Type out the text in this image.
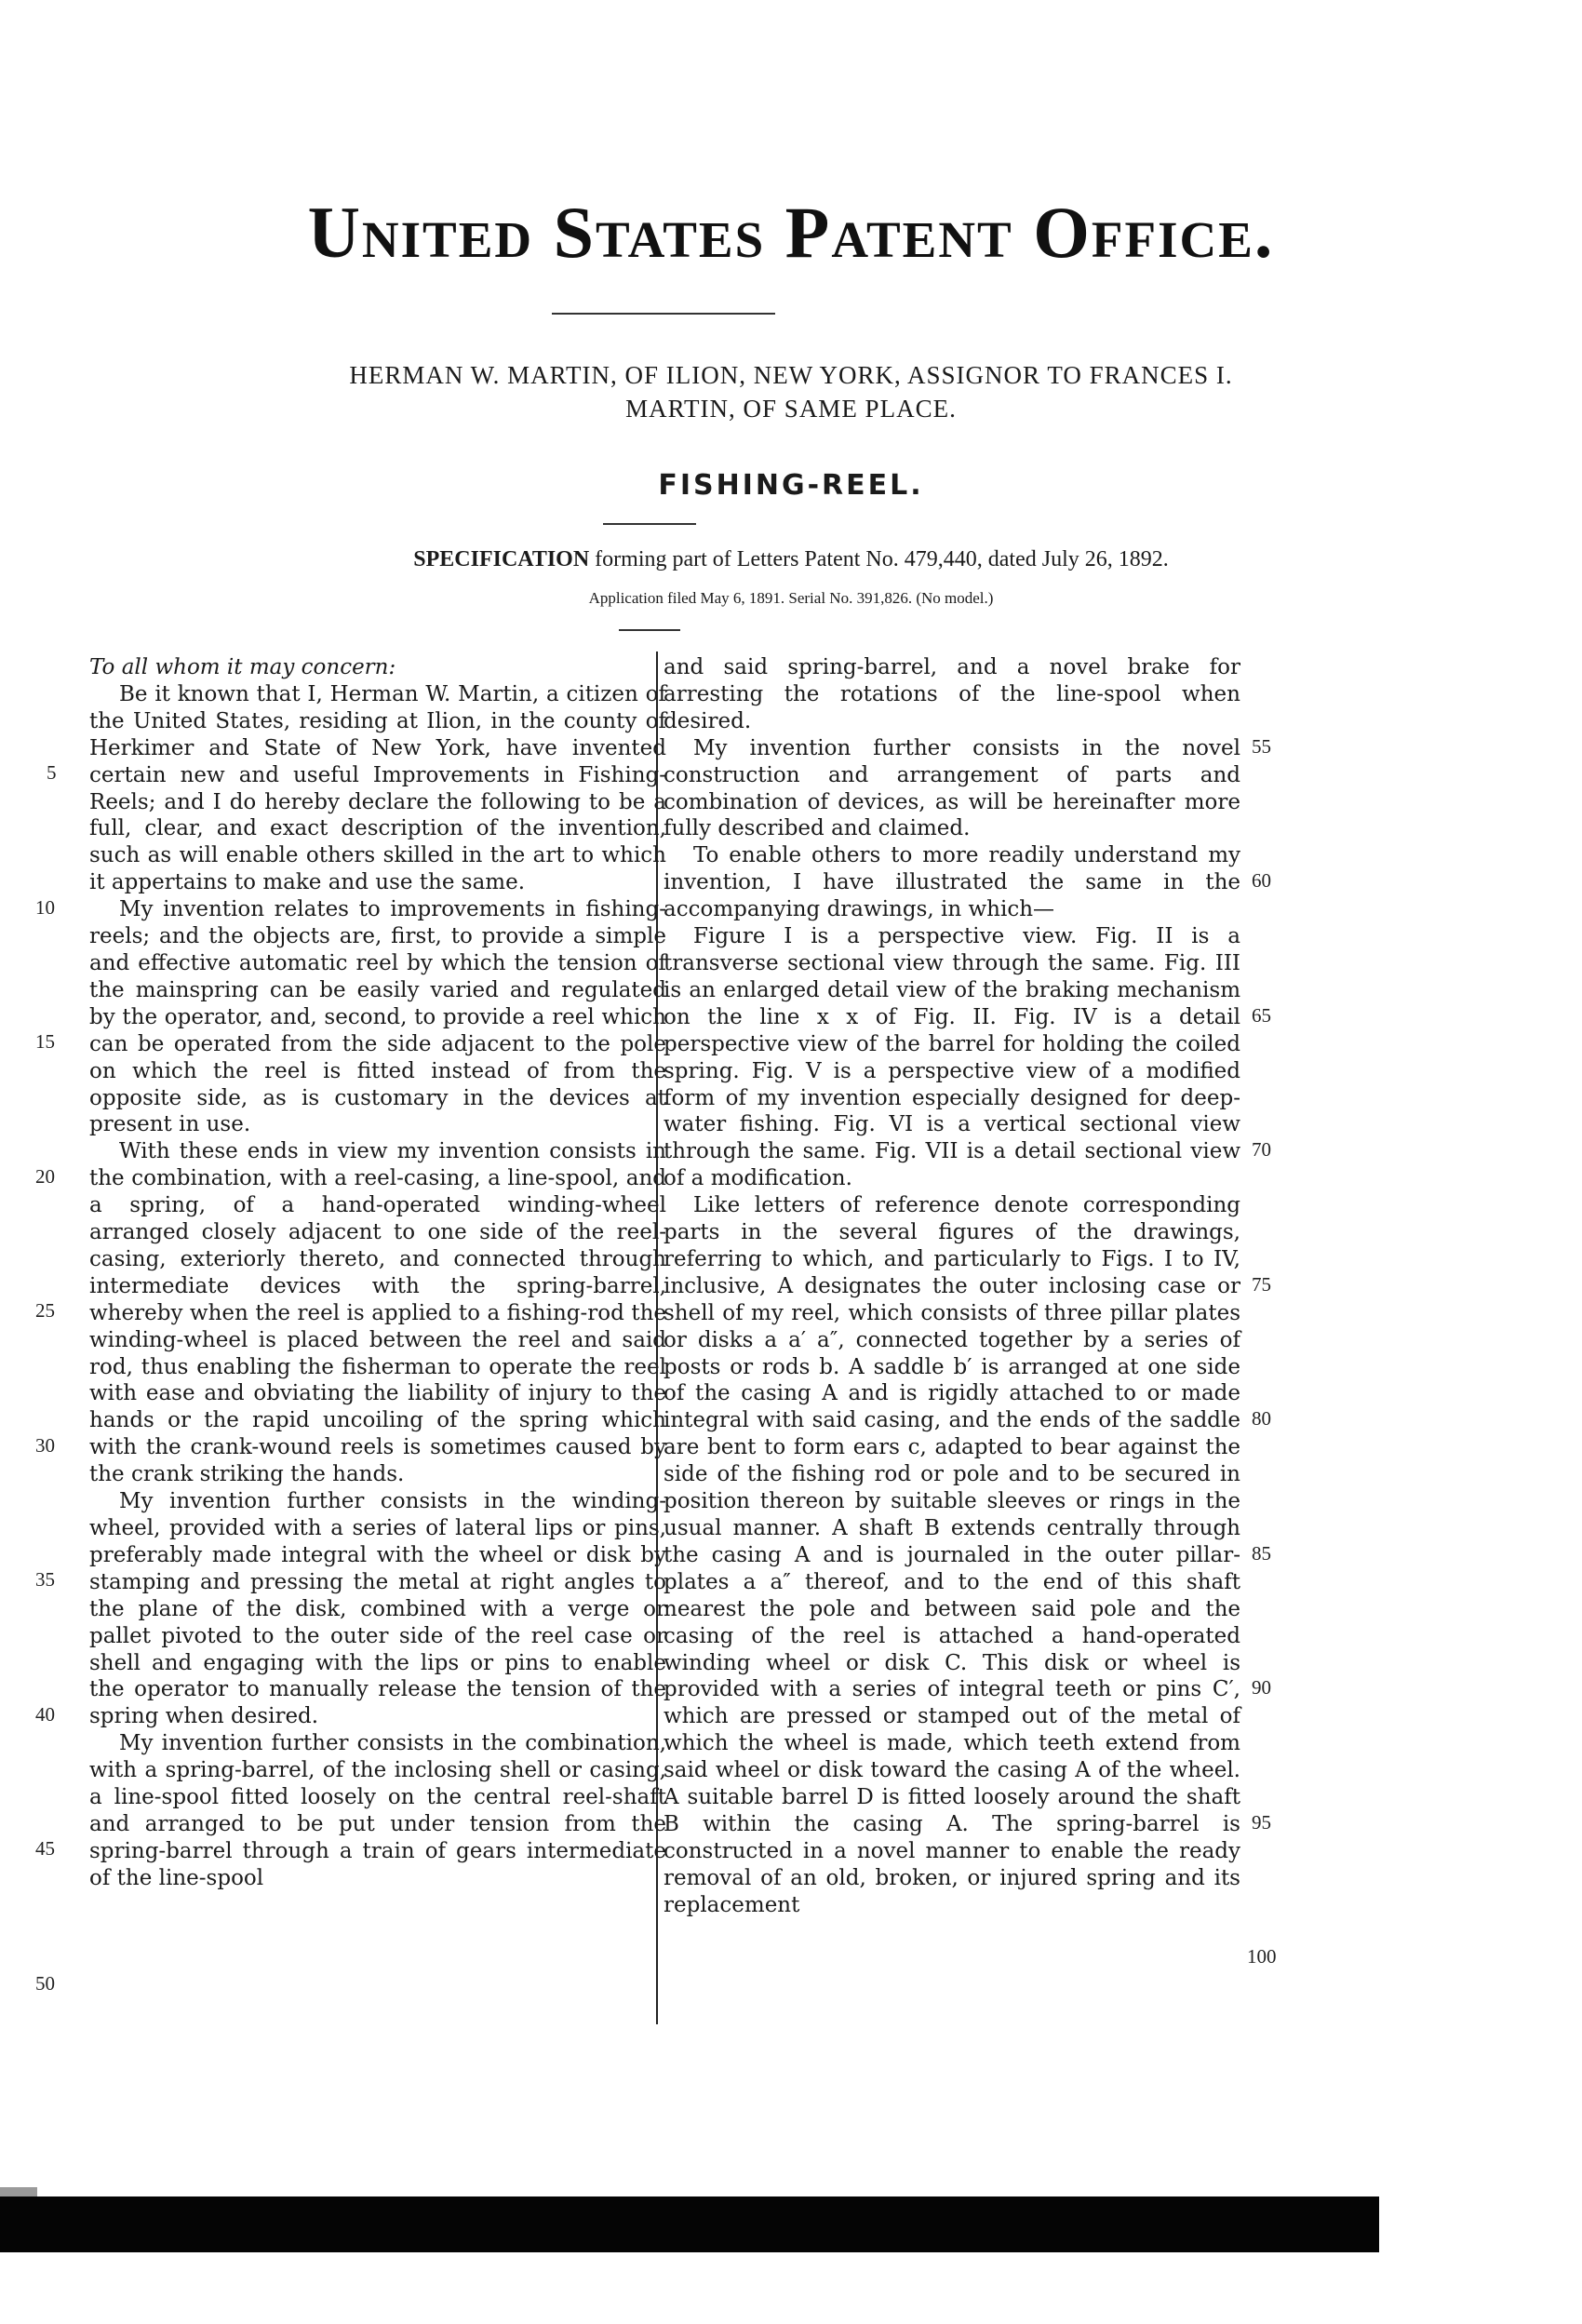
United States Patent Office.
HERMAN W. MARTIN, OF ILION, NEW YORK, ASSIGNOR TO FRANCES I.
MARTIN, OF SAME PLACE.
FISHING-REEL.
SPECIFICATION forming part of Letters Patent No. 479,440, dated July 26, 1892.
Application filed May 6, 1891. Serial No. 391,826. (No model.)

To all whom it may concern:

Be it known that I, Herman W. Martin, a citizen of the United States, residing at Ilion, in the county of Herkimer and State of New York, have invented certain new and useful Improvements in Fishing-Reels; and I do hereby declare the following to be a full, clear, and exact description of the invention, such as will enable others skilled in the art to which it appertains to make and use the same.

My invention relates to improvements in fishing-reels; and the objects are, first, to provide a simple and effective automatic reel by which the tension of the mainspring can be easily varied and regulated by the operator, and, second, to provide a reel which can be operated from the side adjacent to the pole on which the reel is fitted instead of from the opposite side, as is customary in the devices at present in use.

With these ends in view my invention consists in the combination, with a reel-casing, a line-spool, and a spring, of a hand-operated winding-wheel arranged closely adjacent to one side of the reel-casing, exteriorly thereto, and connected through intermediate devices with the spring-barrel, whereby when the reel is applied to a fishing-rod the winding-wheel is placed between the reel and said rod, thus enabling the fisherman to operate the reel with ease and obviating the liability of injury to the hands or the rapid uncoiling of the spring which with the crank-wound reels is sometimes caused by the crank striking the hands.

My invention further consists in the winding-wheel, provided with a series of lateral lips or pins, preferably made integral with the wheel or disk by stamping and pressing the metal at right angles to the plane of the disk, combined with a verge or pallet pivoted to the outer side of the reel case or shell and engaging with the lips or pins to enable the operator to manually release the tension of the spring when desired.

My invention further consists in the combination, with a spring-barrel, of the inclosing shell or casing, a line-spool fitted loosely on the central reel-shaft and arranged to be put under tension from the spring-barrel through a train of gears intermediate of the line-spool

and said spring-barrel, and a novel brake for arresting the rotations of the line-spool when desired.

My invention further consists in the novel construction and arrangement of parts and combination of devices, as will be hereinafter more fully described and claimed.

To enable others to more readily understand my invention, I have illustrated the same in the accompanying drawings, in which—

Figure I is a perspective view. Fig. II is a transverse sectional view through the same. Fig. III is an enlarged detail view of the braking mechanism on the line x x of Fig. II. Fig. IV is a detail perspective view of the barrel for holding the coiled spring. Fig. V is a perspective view of a modified form of my invention especially designed for deep-water fishing. Fig. VI is a vertical sectional view through the same. Fig. VII is a detail sectional view of a modification.

Like letters of reference denote corresponding parts in the several figures of the drawings, referring to which, and particularly to Figs. I to IV, inclusive, A designates the outer inclosing case or shell of my reel, which consists of three pillar plates or disks a a′ a″, connected together by a series of posts or rods b. A saddle b′ is arranged at one side of the casing A and is rigidly attached to or made integral with said casing, and the ends of the saddle are bent to form ears c, adapted to bear against the side of the fishing rod or pole and to be secured in position thereon by suitable sleeves or rings in the usual manner. A shaft B extends centrally through the casing A and is journaled in the outer pillar-plates a a″ thereof, and to the end of this shaft nearest the pole and between said pole and the casing of the reel is attached a hand-operated winding wheel or disk C. This disk or wheel is provided with a series of integral teeth or pins C′, which are pressed or stamped out of the metal of which the wheel is made, which teeth extend from said wheel or disk toward the casing A of the wheel. A suitable barrel D is fitted loosely around the shaft B within the casing A. The spring-barrel is constructed in a novel manner to enable the ready removal of an old, broken, or injured spring and its replacement

5
10
15
20
25
30
35
40
45
50
55
60
65
70
75
80
85
90
95
100
